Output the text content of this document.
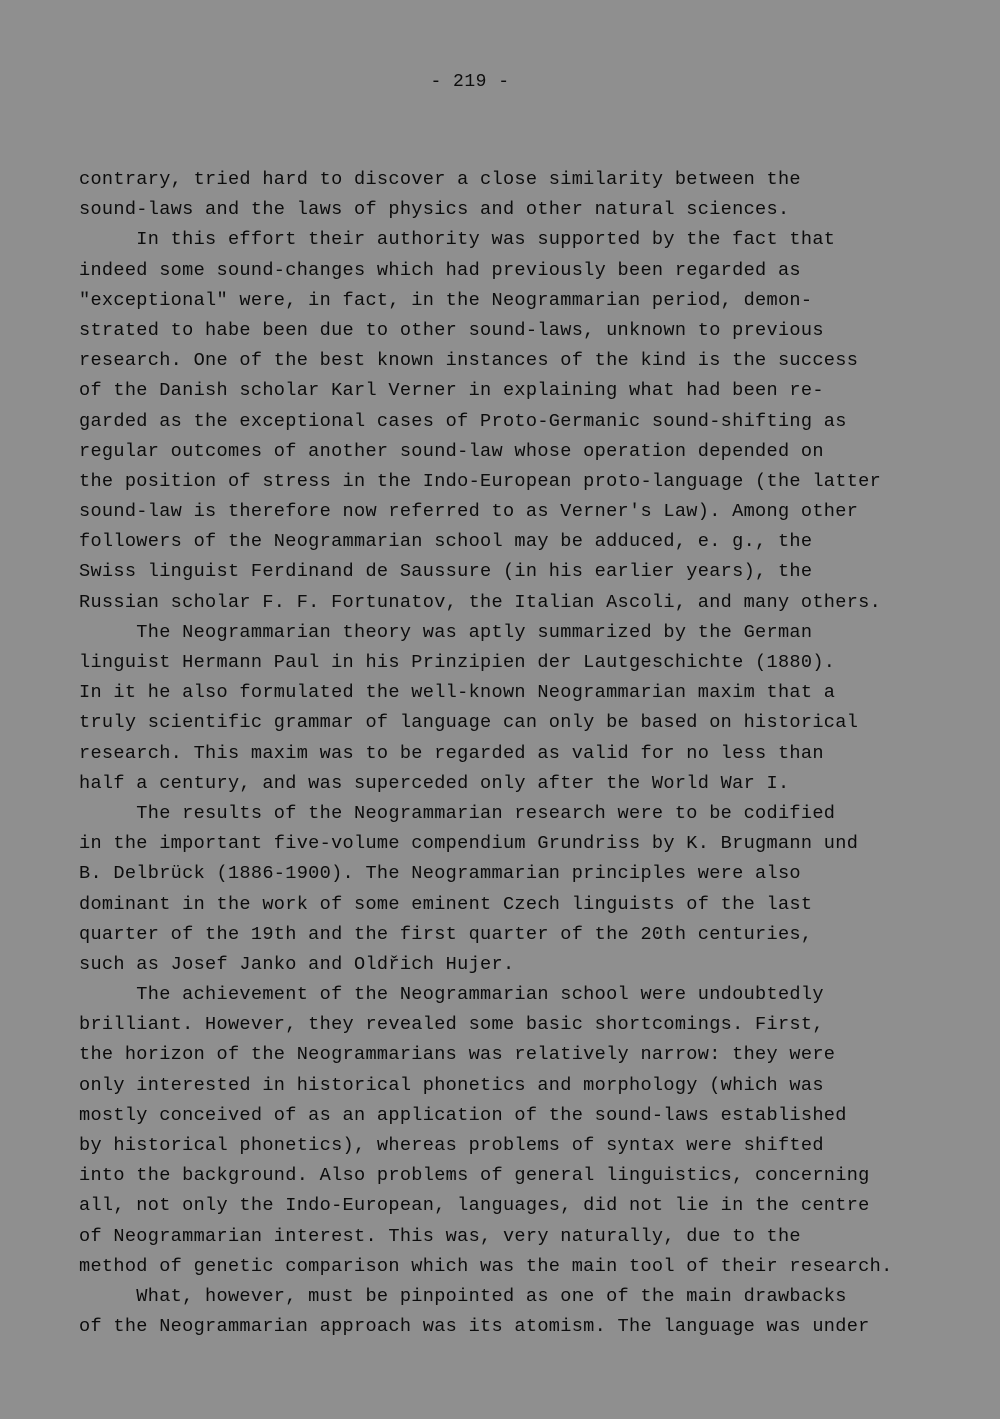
- 219 -
contrary, tried hard to discover a close similarity between the
sound-laws and the laws of physics and other natural sciences.
In this effort their authority was supported by the fact that
indeed some sound-changes which had previously been regarded as
"exceptional" were, in fact, in the Neogrammarian period, demon-
strated to habe been due to other sound-laws, unknown to previous
research. One of the best known instances of the kind is the success
of the Danish scholar Karl Verner in explaining what had been re-
garded as the exceptional cases of Proto-Germanic sound-shifting as
regular outcomes of another sound-law whose operation depended on
the position of stress in the Indo-European proto-language (the latter
sound-law is therefore now referred to as Verner's Law). Among other
followers of the Neogrammarian school may be adduced, e. g., the
Swiss linguist Ferdinand de Saussure (in his earlier years), the
Russian scholar F. F. Fortunatov, the Italian Ascoli, and many others.
The Neogrammarian theory was aptly summarized by the German
linguist Hermann Paul in his Prinzipien der Lautgeschichte (1880).
In it he also formulated the well-known Neogrammarian maxim that a
truly scientific grammar of language can only be based on historical
research. This maxim was to be regarded as valid for no less than
half a century, and was superceded only after the World War I.
The results of the Neogrammarian research were to be codified
in the important five-volume compendium Grundriss by K. Brugmann und
B. Delbrück (1886-1900). The Neogrammarian principles were also
dominant in the work of some eminent Czech linguists of the last
quarter of the 19th and the first quarter of the 20th centuries,
such as Josef Janko and Oldřich Hujer.
The achievement of the Neogrammarian school were undoubtedly
brilliant. However, they revealed some basic shortcomings. First,
the horizon of the Neogrammarians was relatively narrow: they were
only interested in historical phonetics and morphology (which was
mostly conceived of as an application of the sound-laws established
by historical phonetics), whereas problems of syntax were shifted
into the background. Also problems of general linguistics, concerning
all, not only the Indo-European, languages, did not lie in the centre
of Neogrammarian interest. This was, very naturally, due to the
method of genetic comparison which was the main tool of their research.
What, however, must be pinpointed as one of the main drawbacks
of the Neogrammarian approach was its atomism. The language was under
